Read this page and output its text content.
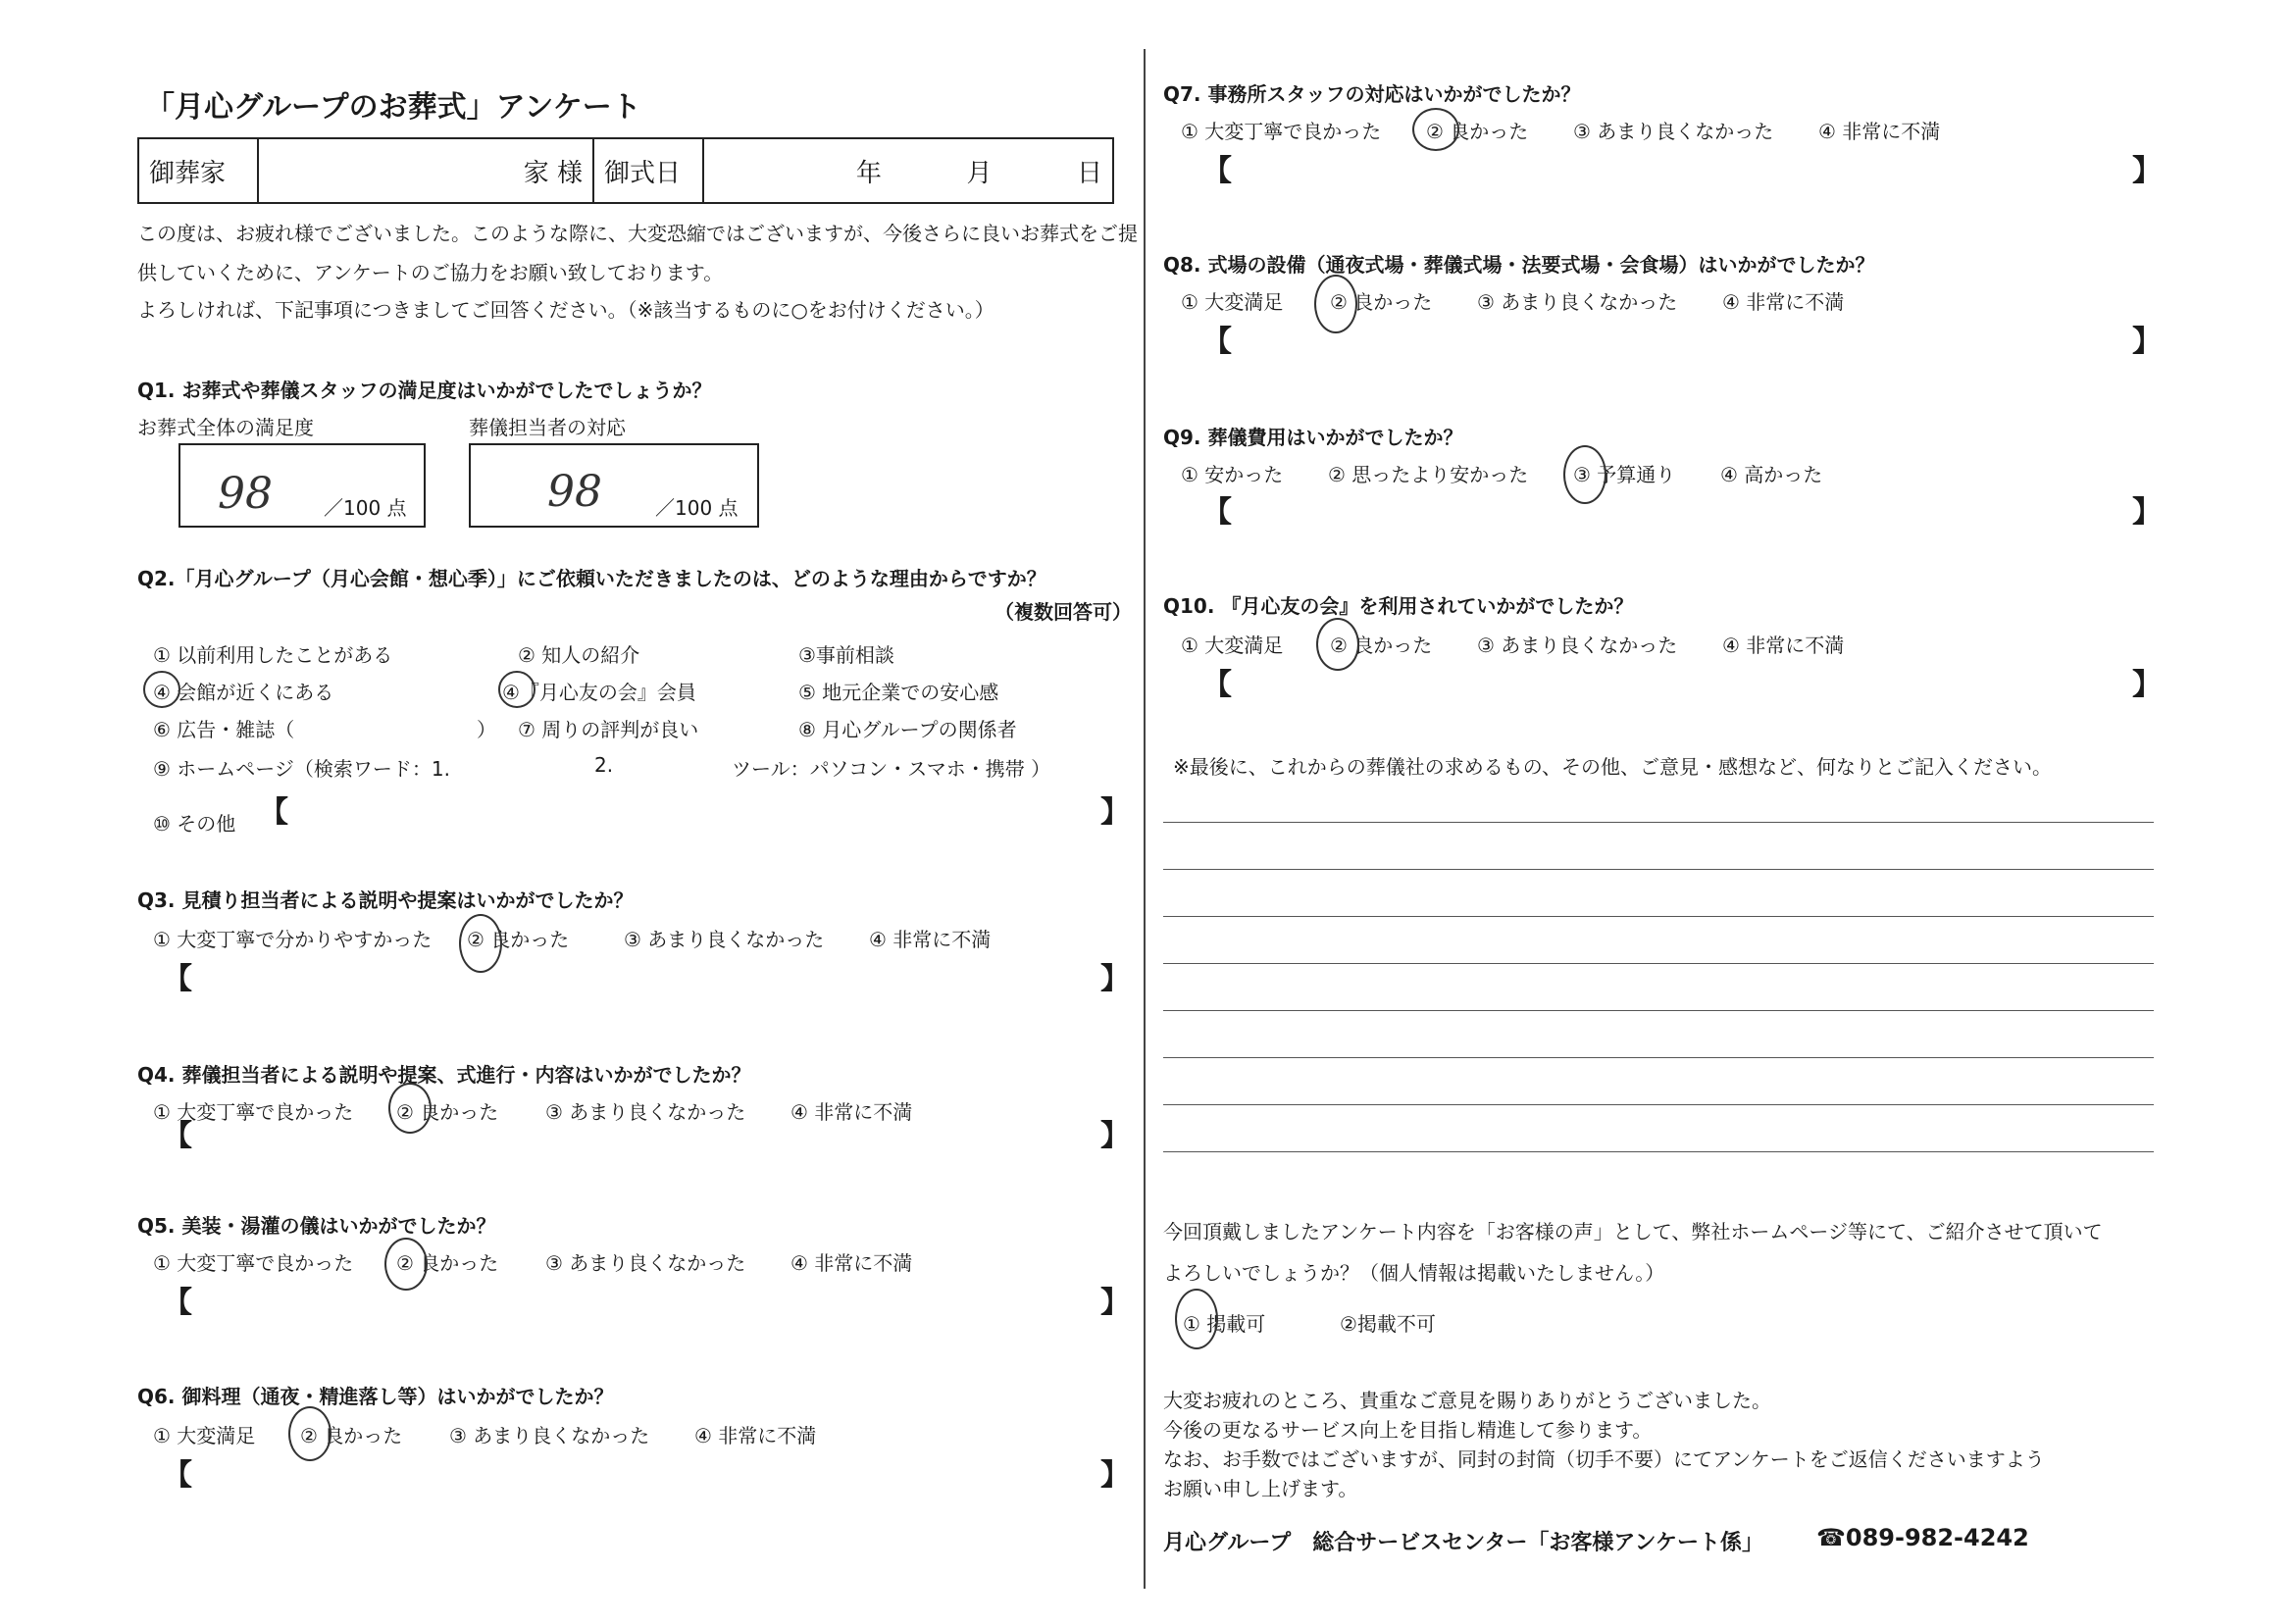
「月心グループのお葬式」アンケート
御葬家	家 様	御式日	年	月	日
この度は、お疲れ様でございました。このような際に、大変恐縮ではございますが、今後さらに良いお葬式をご提
供していくために、アンケートのご協力をお願い致しております。
よろしければ、下記事項につきましてご回答ください。（※該当するものに○をお付けください。）
Q1. お葬式や葬儀スタッフの満足度はいかがでしたでしょうか？
お葬式全体の満足度	葬儀担当者の対応
98	／100 点	98	／100 点
Q2.「月心グループ（月心会館・想心季）」にご依頼いただきましたのは、どのような理由からですか？
（複数回答可）
① 以前利用したことがある	② 知人の紹介	③事前相談
④ 会館が近くにある	④『月心友の会』会員	⑤ 地元企業での安心感
⑥ 広告・雑誌（	） ⑦ 周りの評判が良い	⑧ 月心グループの関係者
⑨ ホームページ（検索ワード：1.	2.	ツール：パソコン・スマホ・携帯 ）
⑩ その他 【	】
Q3. 見積り担当者による説明や提案はいかがでしたか？
① 大変丁寧で分かりやすかった ② 良かった	③ あまり良くなかった ④ 非常に不満
【	】
Q4. 葬儀担当者による説明や提案、式進行・内容はいかがでしたか？
① 大変丁寧で良かった ② 良かった ③ あまり良くなかった ④ 非常に不満
【	】
Q5. 美装・湯灌の儀はいかがでしたか？
① 大変丁寧で良かった ② 良かった ③ あまり良くなかった ④ 非常に不満
【	】
Q6. 御料理（通夜・精進落し等）はいかがでしたか？
① 大変満足 ② 良かった ③ あまり良くなかった ④ 非常に不満
【	】
Q7. 事務所スタッフの対応はいかがでしたか？
① 大変丁寧で良かった ② 良かった ③ あまり良くなかった ④ 非常に不満
【	】
Q8. 式場の設備（通夜式場・葬儀式場・法要式場・会食場）はいかがでしたか？
① 大変満足 ② 良かった ③ あまり良くなかった ④ 非常に不満
【	】
Q9. 葬儀費用はいかがでしたか？
① 安かった ② 思ったより安かった ③ 予算通り ④ 高かった
【	】
Q10. 『月心友の会』を利用されていかがでしたか？
① 大変満足 ② 良かった ③ あまり良くなかった ④ 非常に不満
【	】
※最後に、これからの葬儀社の求めるもの、その他、ご意見・感想など、何なりとご記入ください。
今回頂戴しましたアンケート内容を「お客様の声」として、弊社ホームページ等にて、ご紹介させて頂いて
よろしいでしょうか？（個人情報は掲載いたしません。）
① 掲載可	②掲載不可
大変お疲れのところ、貴重なご意見を賜りありがとうございました。
今後の更なるサービス向上を目指し精進して参ります。
なお、お手数ではございますが、同封の封筒（切手不要）にてアンケートをご返信くださいますよう
お願い申し上げます。
月心グループ　総合サービスセンター「お客様アンケート係」 ☎089-982-4242
